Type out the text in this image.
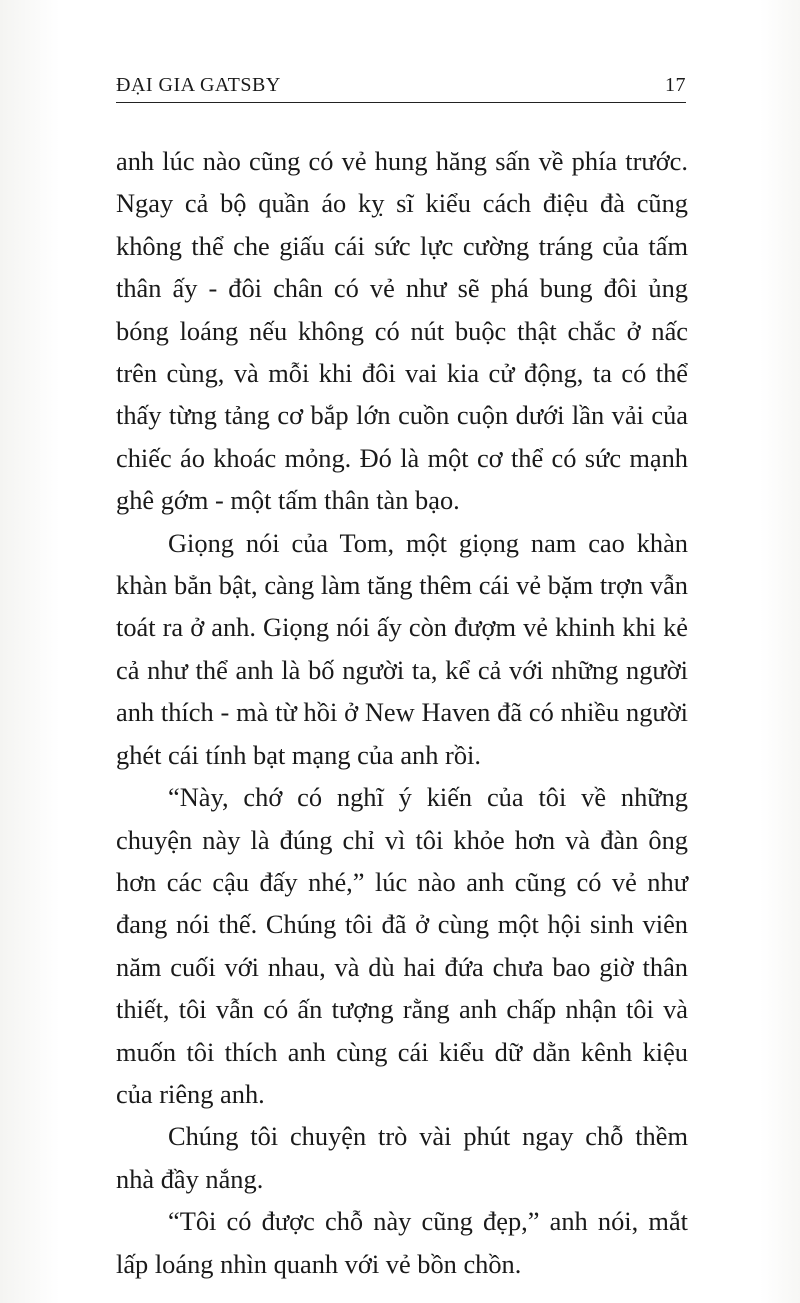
ĐẠI GIA GATSBY	17

anh lúc nào cũng có vẻ hung hăng sấn về phía trước. Ngay cả bộ quần áo kỵ sĩ kiểu cách điệu đà cũng không thể che giấu cái sức lực cường tráng của tấm thân ấy - đôi chân có vẻ như sẽ phá bung đôi ủng bóng loáng nếu không có nút buộc thật chắc ở nấc trên cùng, và mỗi khi đôi vai kia cử động, ta có thể thấy từng tảng cơ bắp lớn cuồn cuộn dưới lần vải của chiếc áo khoác mỏng. Đó là một cơ thể có sức mạnh ghê gớm - một tấm thân tàn bạo.

Giọng nói của Tom, một giọng nam cao khàn khàn bẳn bật, càng làm tăng thêm cái vẻ bặm trợn vẫn toát ra ở anh. Giọng nói ấy còn đượm vẻ khinh khi kẻ cả như thể anh là bố người ta, kể cả với những người anh thích - mà từ hồi ở New Haven đã có nhiều người ghét cái tính bạt mạng của anh rồi.

“Này, chớ có nghĩ ý kiến của tôi về những chuyện này là đúng chỉ vì tôi khỏe hơn và đàn ông hơn các cậu đấy nhé,” lúc nào anh cũng có vẻ như đang nói thế. Chúng tôi đã ở cùng một hội sinh viên năm cuối với nhau, và dù hai đứa chưa bao giờ thân thiết, tôi vẫn có ấn tượng rằng anh chấp nhận tôi và muốn tôi thích anh cùng cái kiểu dữ dằn kênh kiệu của riêng anh.

Chúng tôi chuyện trò vài phút ngay chỗ thềm nhà đầy nắng.

“Tôi có được chỗ này cũng đẹp,” anh nói, mắt lấp loáng nhìn quanh với vẻ bồn chồn.
